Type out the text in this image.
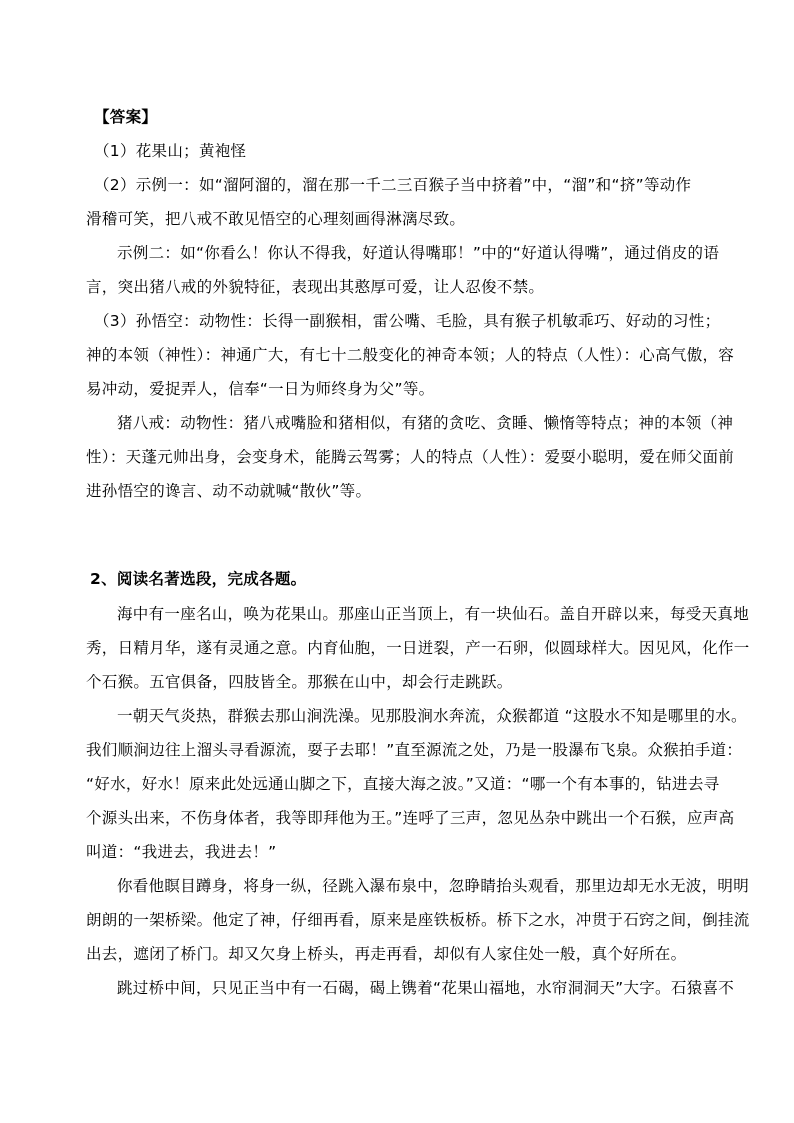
【答案】
（1）花果山；黄袍怪
（2）示例一：如“溜阿溜的，溜在那一千二三百猴子当中挤着”中，“溜”和“挤”等动作
滑稽可笑，把八戒不敢见悟空的心理刻画得淋漓尽致。
示例二：如“你看么！你认不得我，好道认得嘴耶！”中的“好道认得嘴”，通过俏皮的语
言，突出猪八戒的外貌特征，表现出其憨厚可爱，让人忍俊不禁。
（3）孙悟空：动物性：长得一副猴相，雷公嘴、毛脸，具有猴子机敏乖巧、好动的习性；
神的本领（神性）：神通广大，有七十二般变化的神奇本领；人的特点（人性）：心高气傲，容
易冲动，爱捉弄人，信奉“一日为师终身为父”等。
猪八戒：动物性：猪八戒嘴脸和猪相似，有猪的贪吃、贪睡、懒惰等特点；神的本领（神
性）：天蓬元帅出身，会变身术，能腾云驾雾；人的特点（人性）：爱耍小聪明，爱在师父面前
进孙悟空的谗言、动不动就喊“散伙”等。
2、阅读名著选段，完成各题。
海中有一座名山，唤为花果山。那座山正当顶上，有一块仙石。盖自开辟以来，每受天真地
秀，日精月华，遂有灵通之意。内育仙胞，一日迸裂，产一石卵，似圆球样大。因见风，化作一
个石猴。五官俱备，四肢皆全。那猴在山中，却会行走跳跃。
一朝天气炎热，群猴去那山涧洗澡。见那股涧水奔流，众猴都道 “这股水不知是哪里的水。
我们顺涧边往上溜头寻看源流，耍子去耶！”直至源流之处，乃是一股瀑布飞泉。众猴拍手道：
“好水，好水！原来此处远通山脚之下，直接大海之波。”又道：“哪一个有本事的，钻进去寻
个源头出来，不伤身体者，我等即拜他为王。”连呼了三声，忽见丛杂中跳出一个石猴，应声高
叫道：“我进去，我进去！”
你看他瞑目蹲身，将身一纵，径跳入瀑布泉中，忽睁睛抬头观看，那里边却无水无波，明明
朗朗的一架桥梁。他定了神，仔细再看，原来是座铁板桥。桥下之水，冲贯于石窍之间，倒挂流
出去，遮闭了桥门。却又欠身上桥头，再走再看，却似有人家住处一般，真个好所在。
跳过桥中间，只见正当中有一石碣，碣上镌着“花果山福地，水帘洞洞天”大字。石猿喜不
